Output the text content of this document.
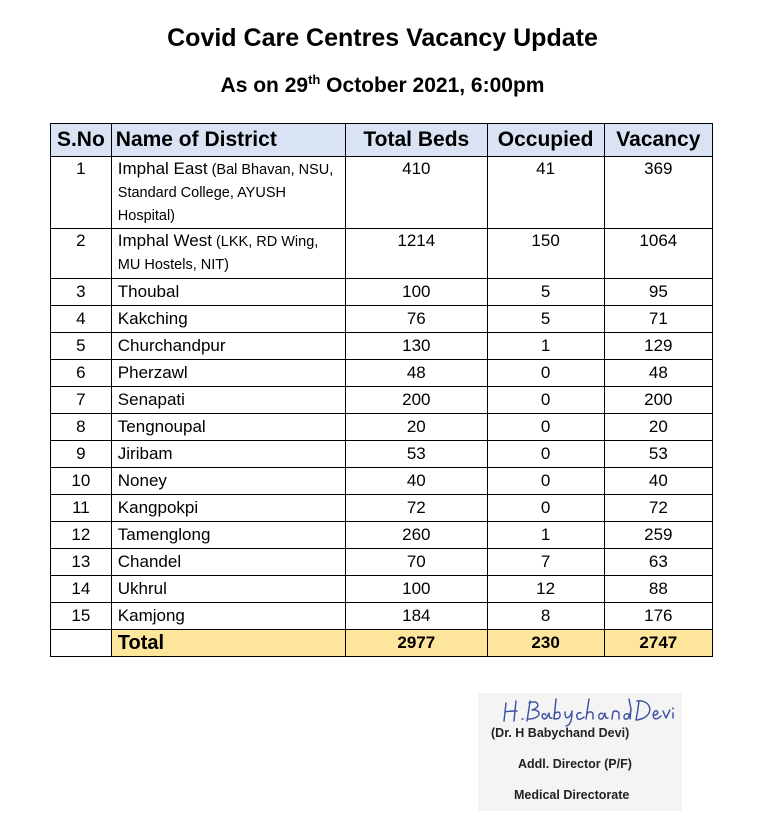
Covid Care Centres Vacancy Update
As on 29th October 2021, 6:00pm
S.No	Name of District	Total Beds	Occupied	Vacancy
1	Imphal East (Bal Bhavan, NSU, Standard College, AYUSH Hospital)	410	41	369
2	Imphal West (LKK, RD Wing, MU Hostels, NIT)	1214	150	1064
3	Thoubal	100	5	95
4	Kakching	76	5	71
5	Churchandpur	130	1	129
6	Pherzawl	48	0	48
7	Senapati	200	0	200
8	Tengnoupal	20	0	20
9	Jiribam	53	0	53
10	Noney	40	0	40
11	Kangpokpi	72	0	72
12	Tamenglong	260	1	259
13	Chandel	70	7	63
14	Ukhrul	100	12	88
15	Kamjong	184	8	176
	Total	2977	230	2747
(Dr. H Babychand Devi)
Addl. Director (P/F)
Medical Directorate
